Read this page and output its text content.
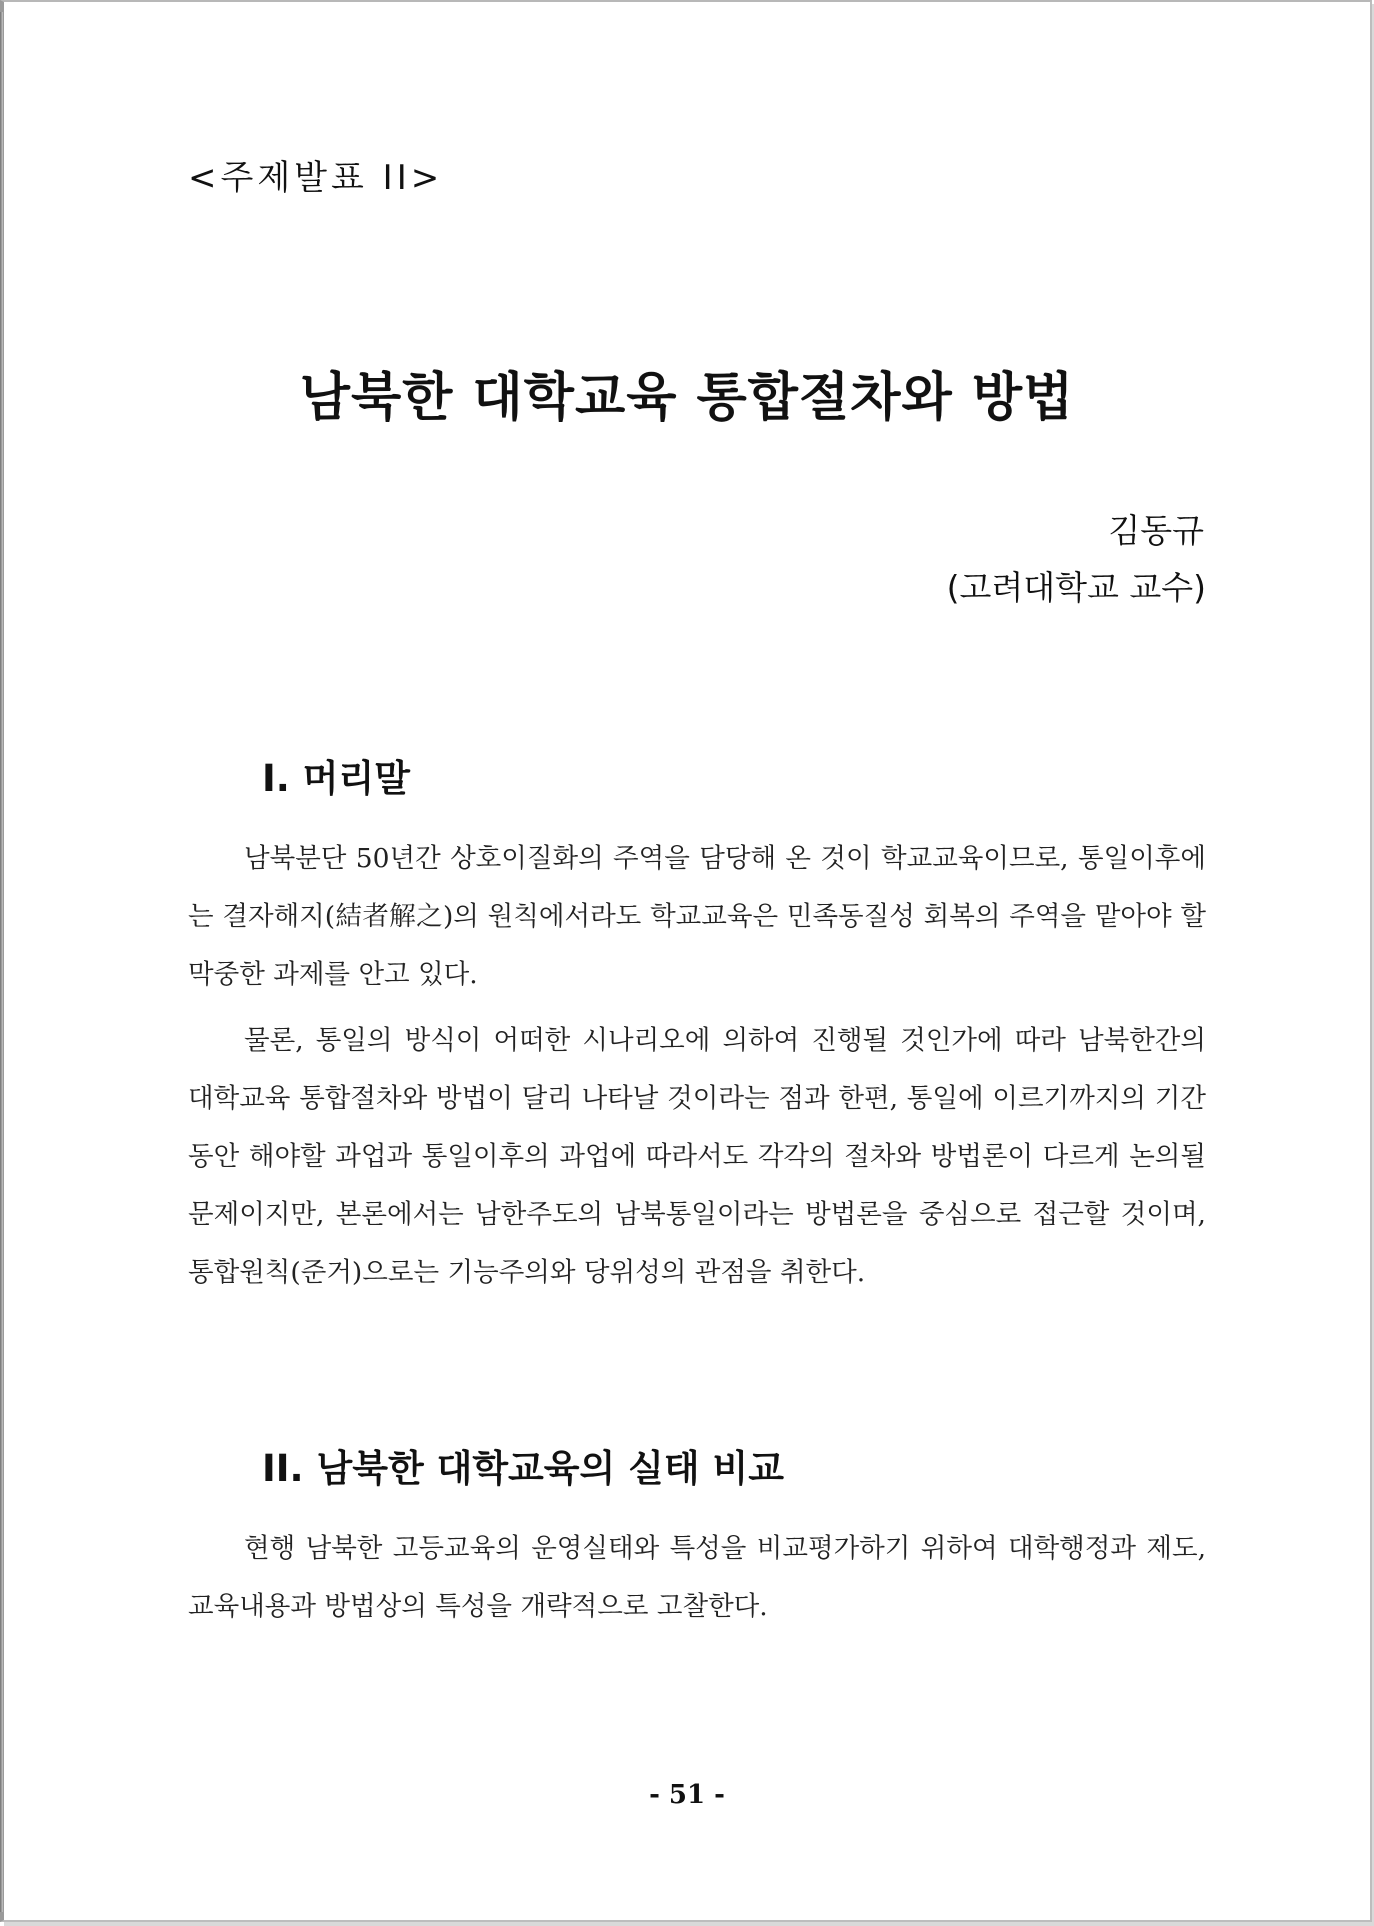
<주제발표 II>
남북한 대학교육 통합절차와 방법
김동규
(고려대학교 교수)
I. 머리말

남북분단 50년간 상호이질화의 주역을 담당해 온 것이 학교교육이므로, 통일이후에는 결자해지(結者解之)의 원칙에서라도 학교교육은 민족동질성 회복의 주역을 맡아야 할 막중한 과제를 안고 있다.

물론, 통일의 방식이 어떠한 시나리오에 의하여 진행될 것인가에 따라 남북한간의 대학교육 통합절차와 방법이 달리 나타날 것이라는 점과 한편, 통일에 이르기까지의 기간동안 해야할 과업과 통일이후의 과업에 따라서도 각각의 절차와 방법론이 다르게 논의될 문제이지만, 본론에서는 남한주도의 남북통일이라는 방법론을 중심으로 접근할 것이며, 통합원칙(준거)으로는 기능주의와 당위성의 관점을 취한다.

II. 남북한 대학교육의 실태 비교

현행 남북한 고등교육의 운영실태와 특성을 비교평가하기 위하여 대학행정과 제도, 교육내용과 방법상의 특성을 개략적으로 고찰한다.

- 51 -
